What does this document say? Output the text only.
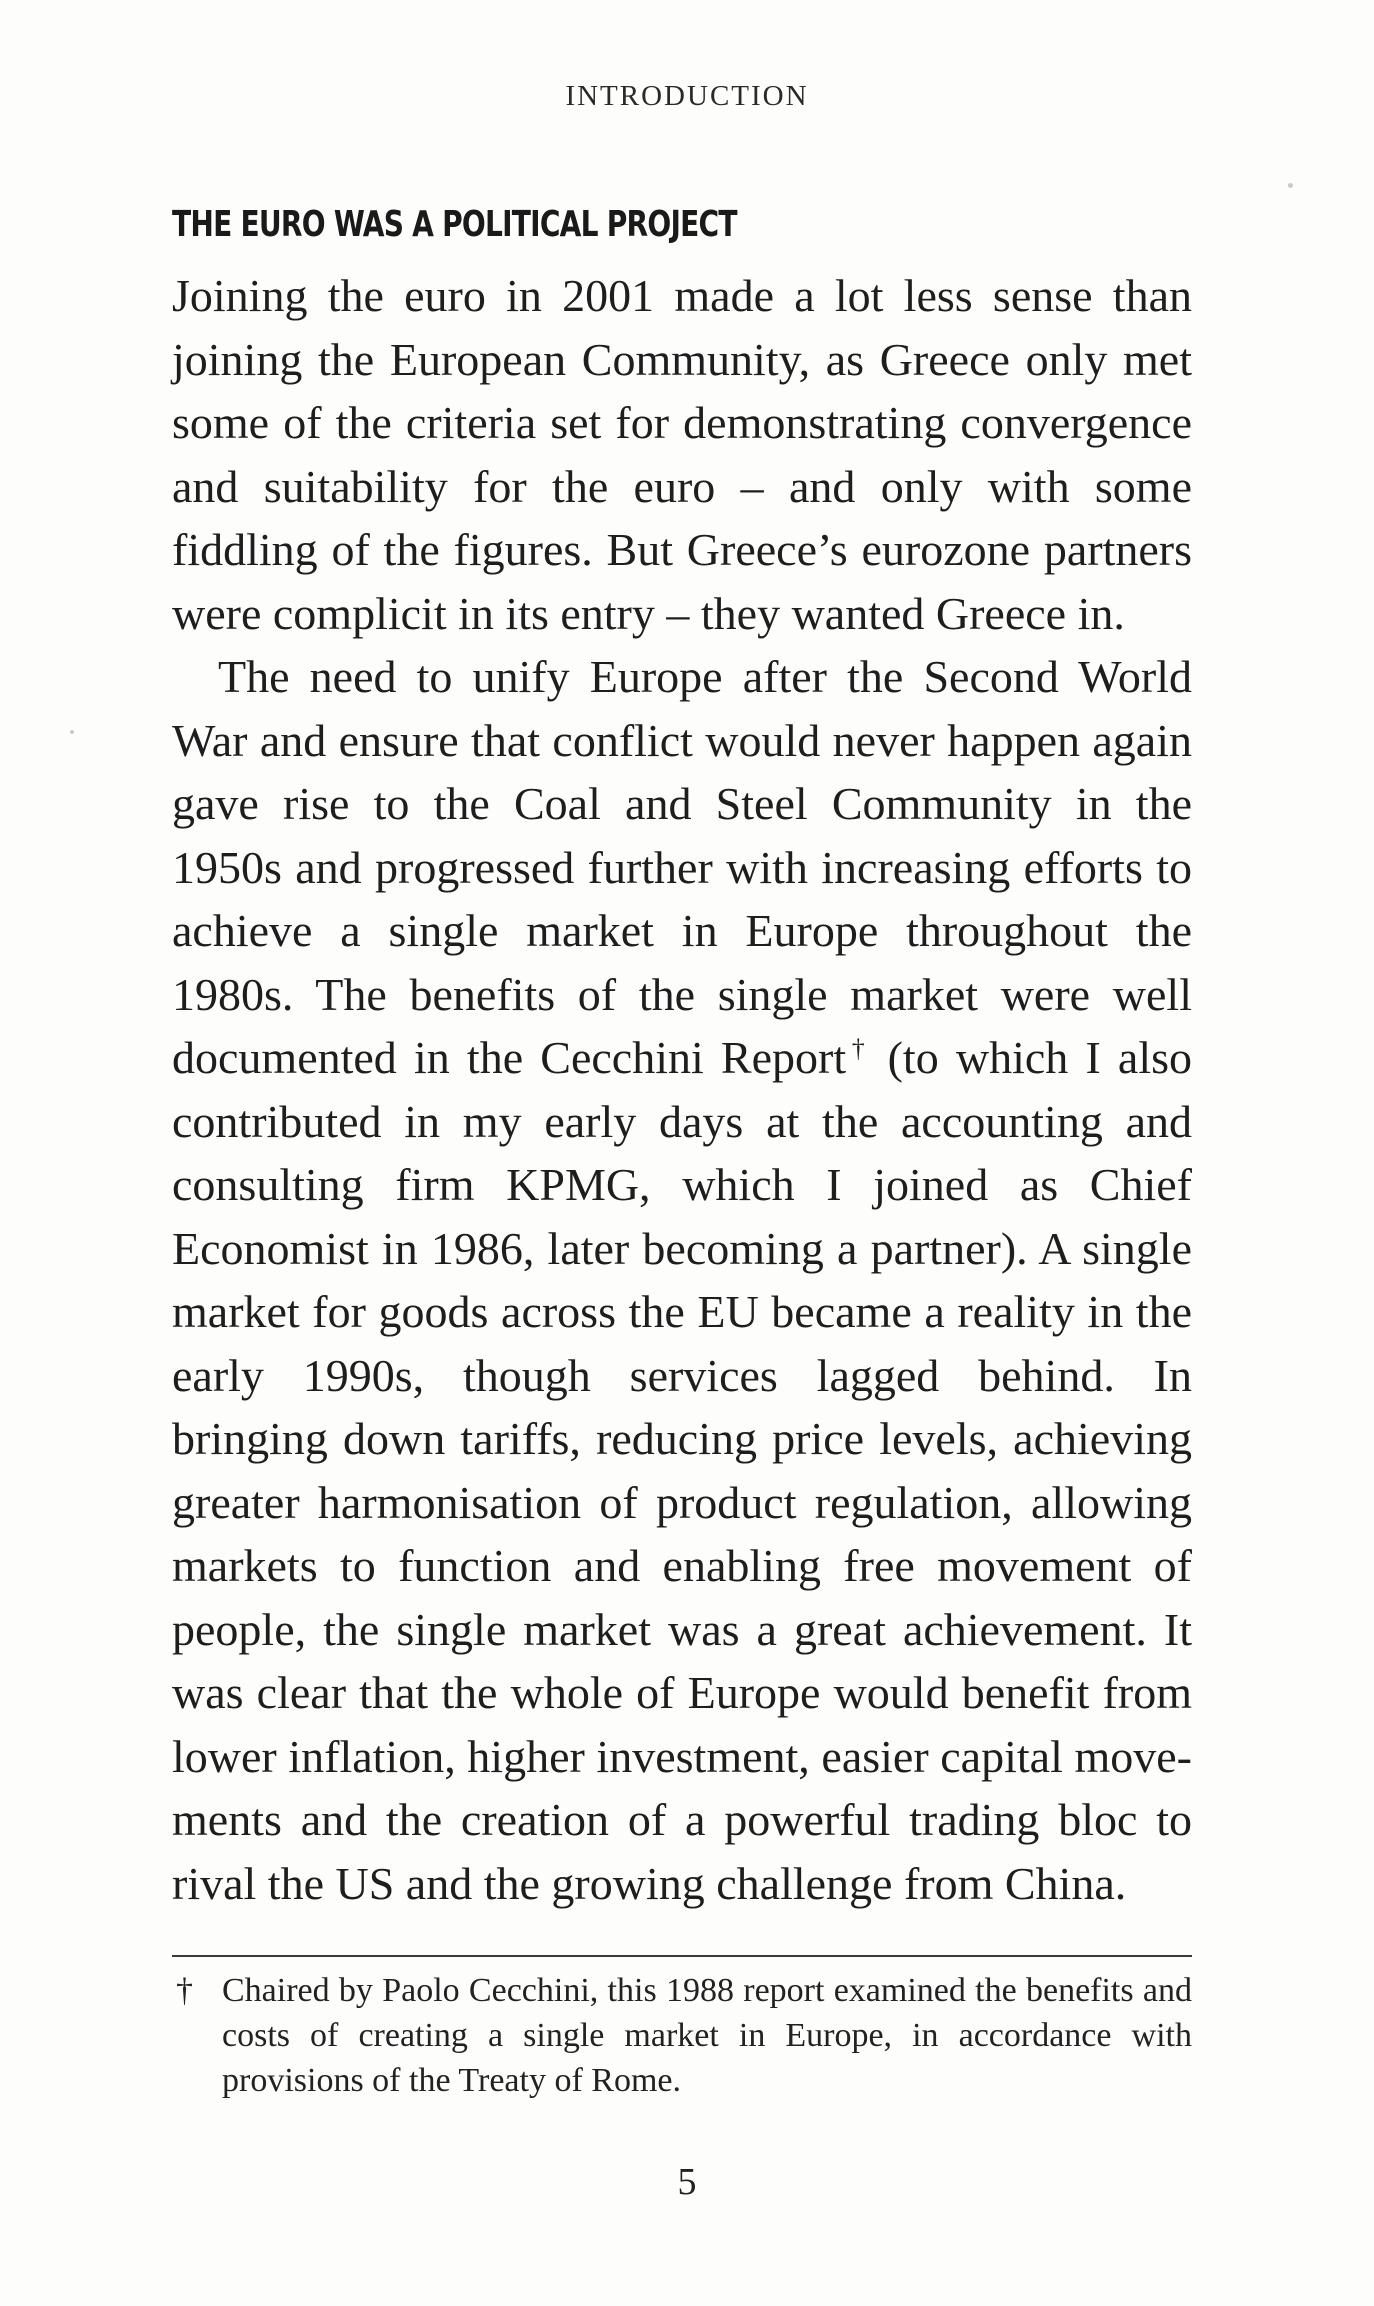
INTRODUCTION
THE EURO WAS A POLITICAL PROJECT

Joining the euro in 2001 made a lot less sense than joining the European Community, as Greece only met some of the criteria set for demonstrating convergence and suitability for the euro – and only with some fiddling of the figures. But Greece’s eurozone partners were complicit in its entry – they wanted Greece in.

The need to unify Europe after the Second World War and ensure that conflict would never happen again gave rise to the Coal and Steel Community in the 1950s and progressed further with increasing efforts to achieve a single market in Europe throughout the 1980s. The benefits of the single market were well documented in the Cecchini Report† (to which I also contributed in my early days at the accounting and consulting firm KPMG, which I joined as Chief Economist in 1986, later becoming a partner). A single market for goods across the EU became a reality in the early 1990s, though services lagged behind. In bringing down tariffs, reducing price levels, achieving greater harmonisation of product regulation, allowing markets to function and enabling free movement of people, the single market was a great achievement. It was clear that the whole of Europe would benefit from lower inflation, higher investment, easier capital movements and the creation of a powerful trading bloc to rival the US and the growing challenge from China.

† Chaired by Paolo Cecchini, this 1988 report examined the benefits and costs of creating a single market in Europe, in accordance with provisions of the Treaty of Rome.
5
